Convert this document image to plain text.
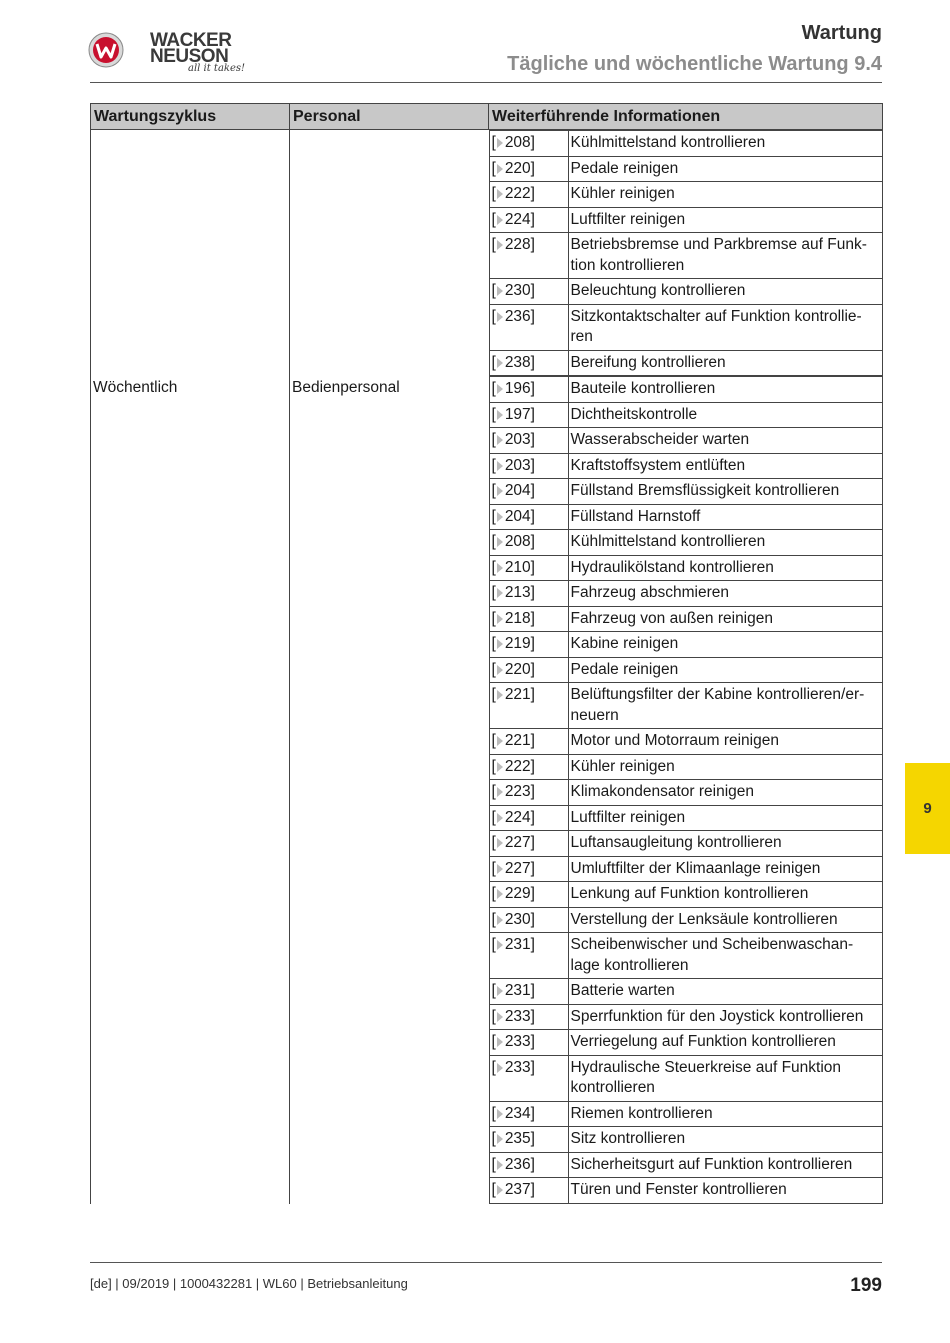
WACKER
NEUSON
all it takes!
Wartung
Tägliche und wöchentliche Wartung 9.4
Wartungszyklus	Personal	Weiterführende Informationen

[ 208]	Kühlmittelstand kontrollieren
[ 220]	Pedale reinigen
[ 222]	Kühler reinigen
[ 224]	Luftfilter reinigen
[ 228]	Betriebsbremse und Parkbremse auf Funk-tion kontrollieren
[ 230]	Beleuchtung kontrollieren
[ 236]	Sitzkontaktschalter auf Funktion kontrollie-ren
[ 238]	Bereifung kontrollieren

Wöchentlich	Bedienpersonal		[ 196]	Bauteile kontrollieren
[ 197]	Dichtheitskontrolle
[ 203]	Wasserabscheider warten
[ 203]	Kraftstoffsystem entlüften
[ 204]	Füllstand Bremsflüssigkeit kontrollieren
[ 204]	Füllstand Harnstoff
[ 208]	Kühlmittelstand kontrollieren
[ 210]	Hydraulikölstand kontrollieren
[ 213]	Fahrzeug abschmieren
[ 218]	Fahrzeug von außen reinigen
[ 219]	Kabine reinigen
[ 220]	Pedale reinigen
[ 221]	Belüftungsfilter der Kabine kontrollieren/er-neuern
[ 221]	Motor und Motorraum reinigen
[ 222]	Kühler reinigen
[ 223]	Klimakondensator reinigen
[ 224]	Luftfilter reinigen
[ 227]	Luftansaugleitung kontrollieren
[ 227]	Umluftfilter der Klimaanlage reinigen
[ 229]	Lenkung auf Funktion kontrollieren
[ 230]	Verstellung der Lenksäule kontrollieren
[ 231]	Scheibenwischer und Scheibenwaschan-lage kontrollieren
[ 231]	Batterie warten
[ 233]	Sperrfunktion für den Joystick kontrollieren
[ 233]	Verriegelung auf Funktion kontrollieren
[ 233]	Hydraulische Steuerkreise auf Funktion kontrollieren
[ 234]	Riemen kontrollieren
[ 235]	Sitz kontrollieren
[ 236]	Sicherheitsgurt auf Funktion kontrollieren
[ 237]	Türen und Fenster kontrollieren
9
[de] | 09/2019 | 1000432281 | WL60 | Betriebsanleitung	199
